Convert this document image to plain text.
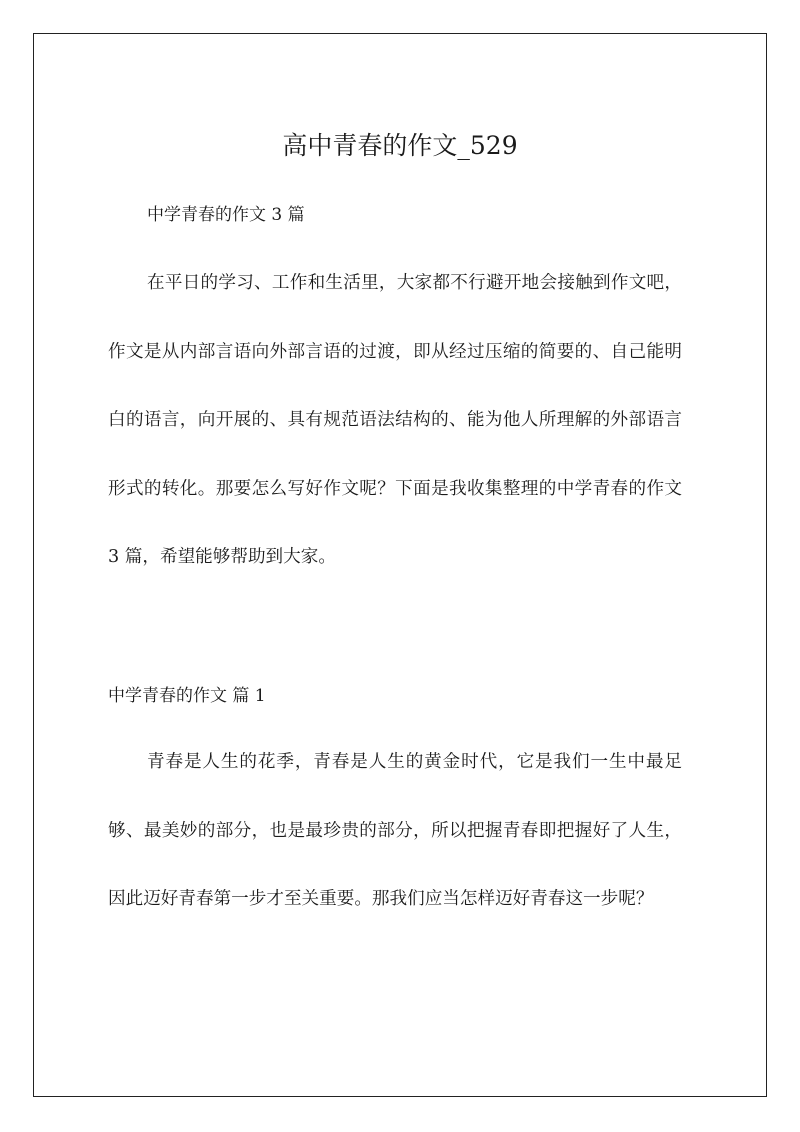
高中青春的作文_529

中学青春的作文 3 篇

在平日的学习、工作和生活里，大家都不行避开地会接触到作文吧，作文是从内部言语向外部言语的过渡，即从经过压缩的简要的、自己能明白的语言，向开展的、具有规范语法结构的、能为他人所理解的外部语言形式的转化。那要怎么写好作文呢？下面是我收集整理的中学青春的作文 3 篇，希望能够帮助到大家。

中学青春的作文 篇 1

青春是人生的花季，青春是人生的黄金时代，它是我们一生中最足够、最美妙的部分，也是最珍贵的部分，所以把握青春即把握好了人生，因此迈好青春第一步才至关重要。那我们应当怎样迈好青春这一步呢？
